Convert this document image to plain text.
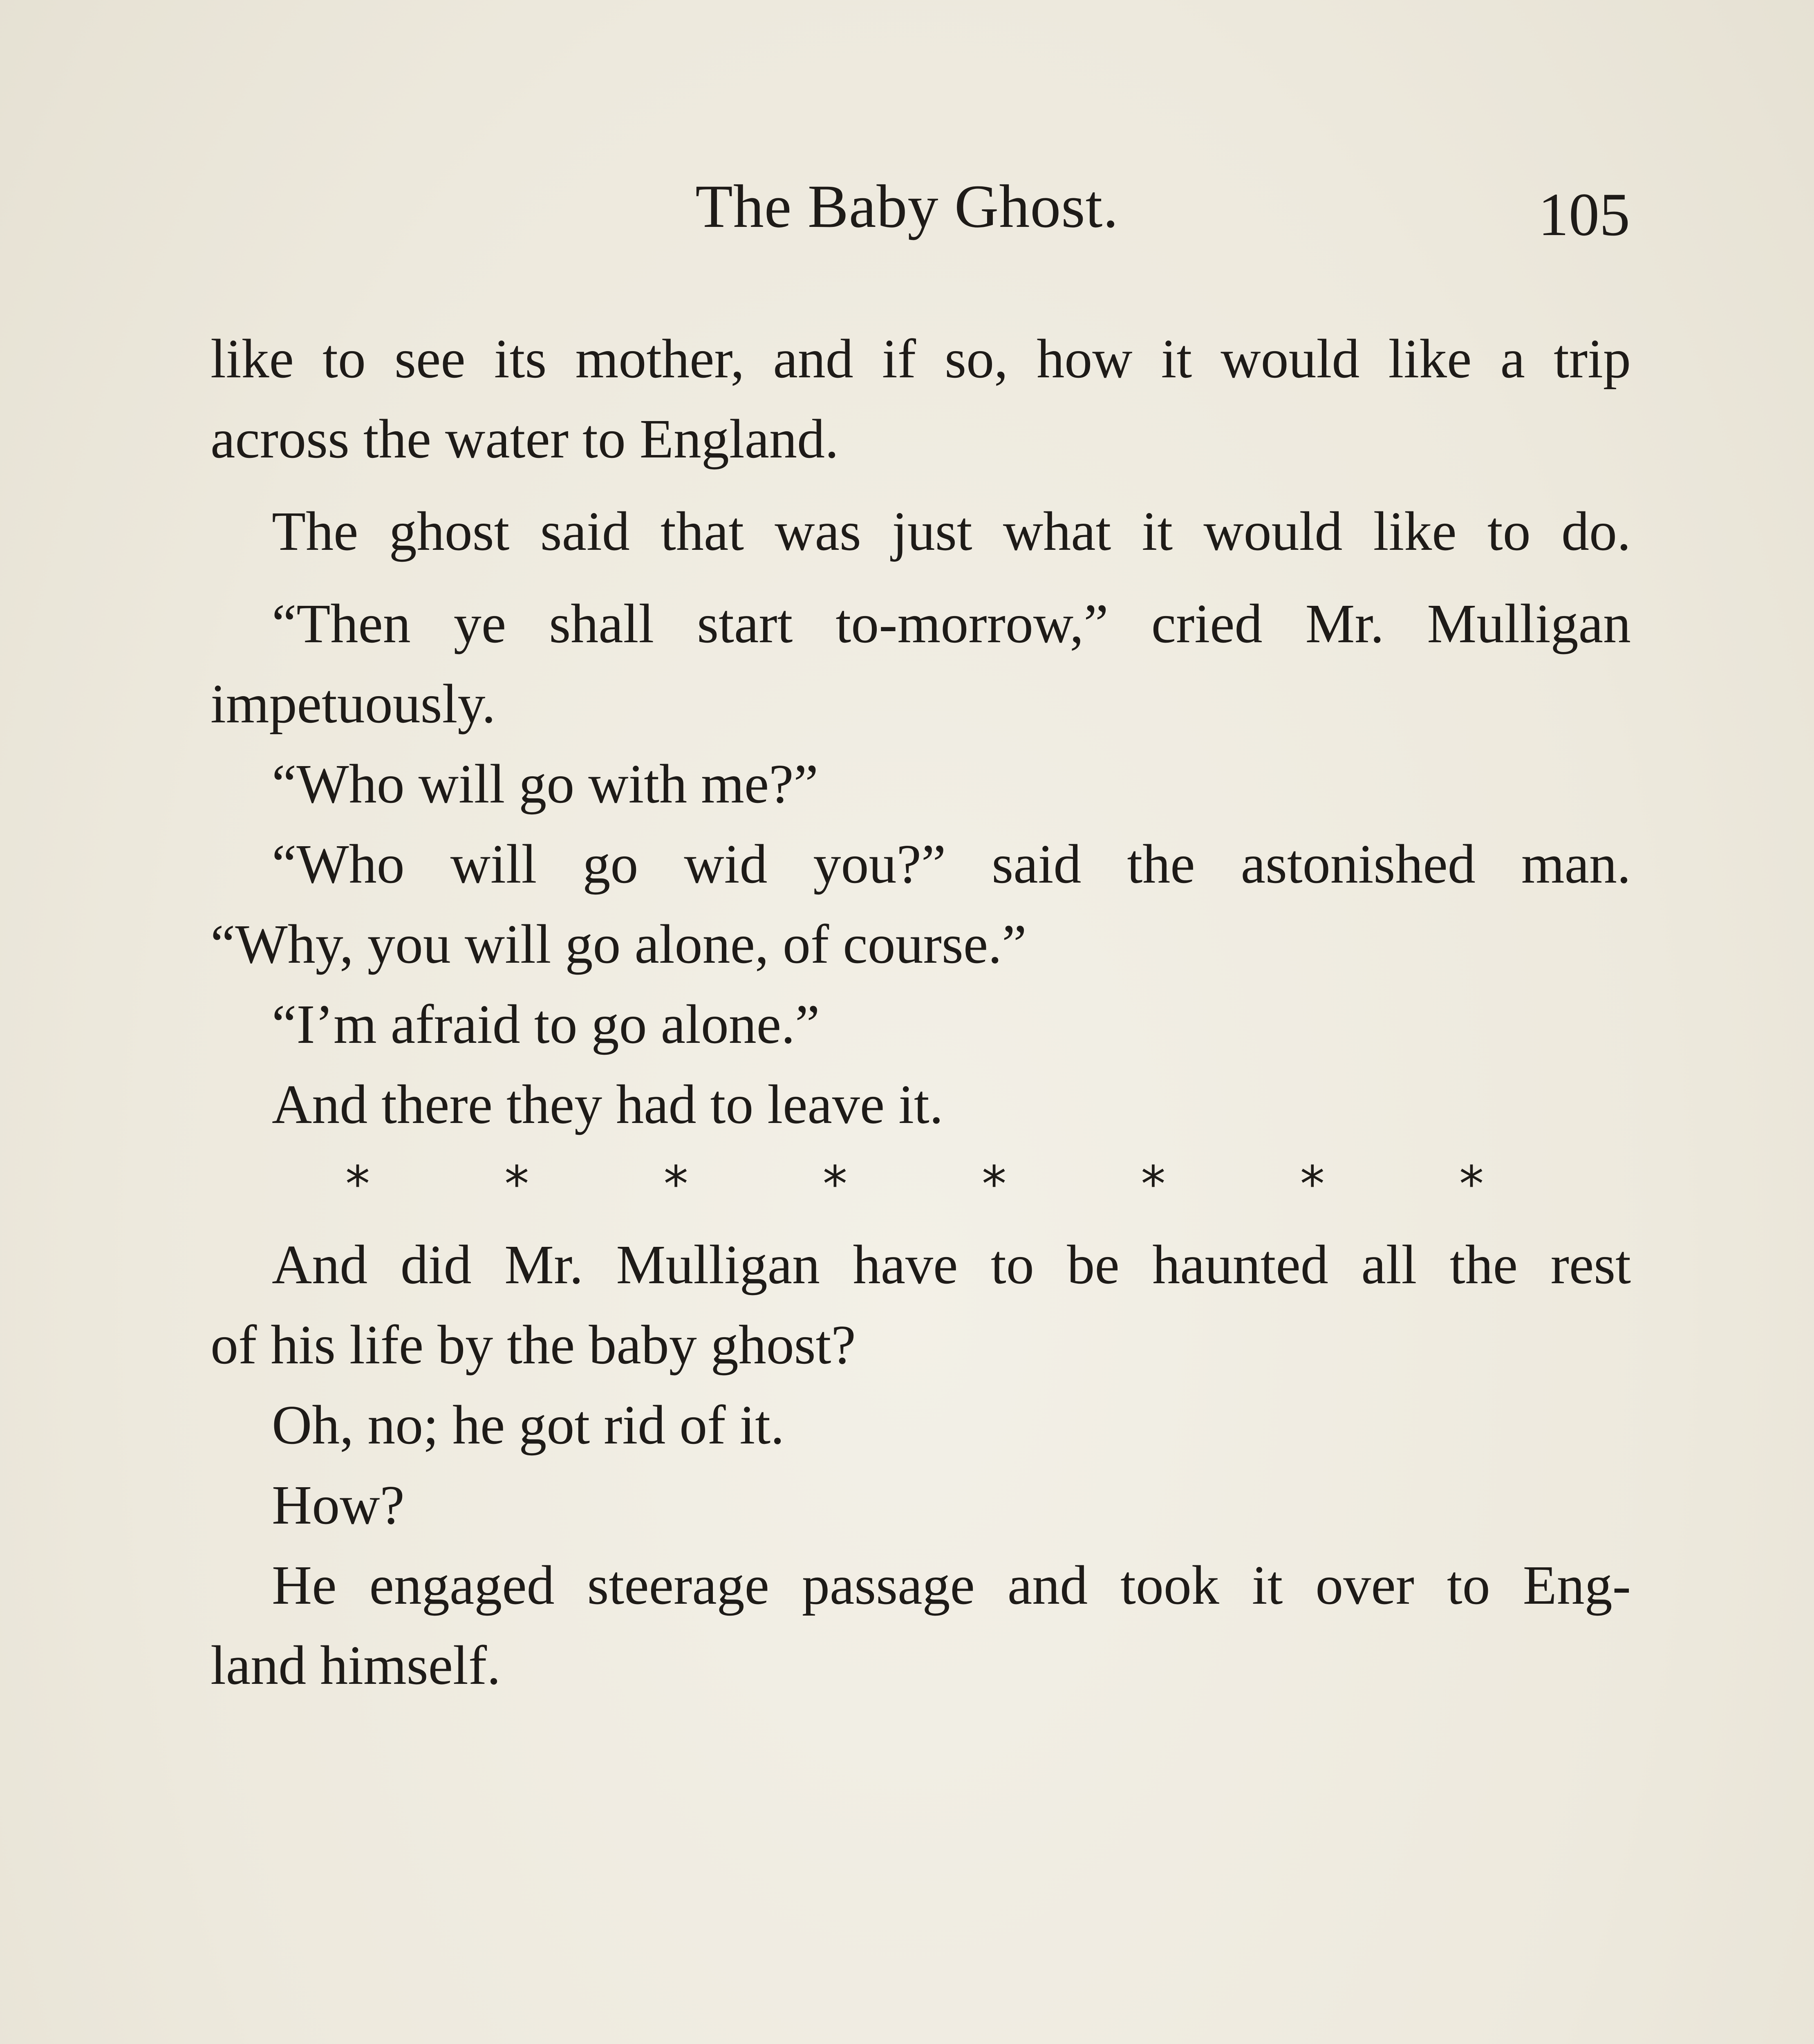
The Baby Ghost.	105
like to see its mother, and if so, how it would like a trip
across the water to England.
The ghost said that was just what it would like to do.
“Then ye shall start to-morrow,” cried Mr. Mulligan
impetuously.
“Who will go with me?”
“Who will go wid you?” said the astonished man.
“Why, you will go alone, of course.”
“I’m afraid to go alone.”
And there they had to leave it.
*	*	*	*	*	*	*	*
And did Mr. Mulligan have to be haunted all the rest
of his life by the baby ghost?
Oh, no; he got rid of it.
How?
He engaged steerage passage and took it over to Eng-
land himself.
